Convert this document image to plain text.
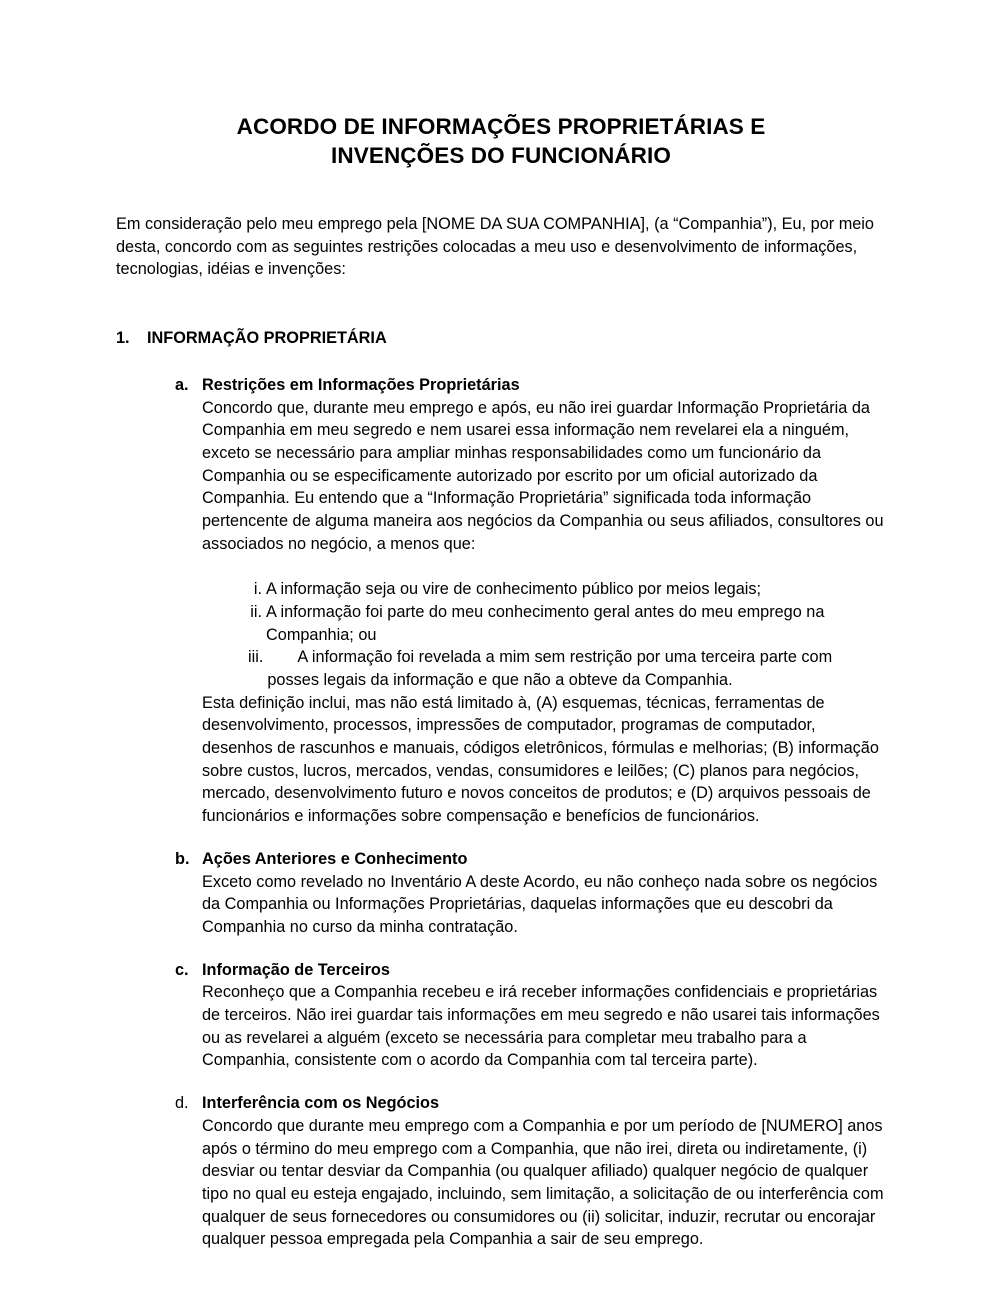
ACORDO DE INFORMAÇÕES PROPRIETÁRIAS E
INVENÇÕES DO FUNCIONÁRIO

Em consideração pelo meu emprego pela [NOME DA SUA COMPANHIA], (a “Companhia”), Eu, por meio desta, concordo com as seguintes restrições colocadas a meu uso e desenvolvimento de informações, tecnologias, idéias e invenções:

1.	INFORMAÇÃO PROPRIETÁRIA
a. Restrições em Informações Proprietárias
Concordo que, durante meu emprego e após, eu não irei guardar Informação Proprietária da Companhia em meu segredo e nem usarei essa informação nem revelarei ela a ninguém, exceto se necessário para ampliar minhas responsabilidades como um funcionário da Companhia ou se especificamente autorizado por escrito por um oficial autorizado da Companhia. Eu entendo que a “Informação Proprietária” significada toda informação pertencente de alguma maneira aos negócios da Companhia ou seus afiliados, consultores ou associados no negócio, a menos que:
i. A informação seja ou vire de conhecimento público por meios legais;
ii. A informação foi parte do meu conhecimento geral antes do meu emprego na Companhia; ou
iii.	A informação foi revelada a mim sem restrição por uma terceira parte com posses legais da informação e que não a obteve da Companhia.
Esta definição inclui, mas não está limitado à, (A) esquemas, técnicas, ferramentas de desenvolvimento, processos, impressões de computador, programas de computador, desenhos de rascunhos e manuais, códigos eletrônicos, fórmulas e melhorias; (B) informação sobre custos, lucros, mercados, vendas, consumidores e leilões; (C) planos para negócios, mercado, desenvolvimento futuro e novos conceitos de produtos; e (D) arquivos pessoais de funcionários e informações sobre compensação e benefícios de funcionários.
b. Ações Anteriores e Conhecimento
Exceto como revelado no Inventário A deste Acordo, eu não conheço nada sobre os negócios da Companhia ou Informações Proprietárias, daquelas informações que eu descobri da Companhia no curso da minha contratação.
c. Informação de Terceiros
Reconheço que a Companhia recebeu e irá receber informações confidenciais e proprietárias de terceiros. Não irei guardar tais informações em meu segredo e não usarei tais informações ou as revelarei a alguém (exceto se necessária para completar meu trabalho para a Companhia, consistente com o acordo da Companhia com tal terceira parte).
d. Interferência com os Negócios
Concordo que durante meu emprego com a Companhia e por um período de [NUMERO] anos após o término do meu emprego com a Companhia, que não irei, direta ou indiretamente, (i) desviar ou tentar desviar da Companhia (ou qualquer afiliado) qualquer negócio de qualquer tipo no qual eu esteja engajado, incluindo, sem limitação, a solicitação de ou interferência com qualquer de seus fornecedores ou consumidores ou (ii) solicitar, induzir, recrutar ou encorajar qualquer pessoa empregada pela Companhia a sair de seu emprego.
